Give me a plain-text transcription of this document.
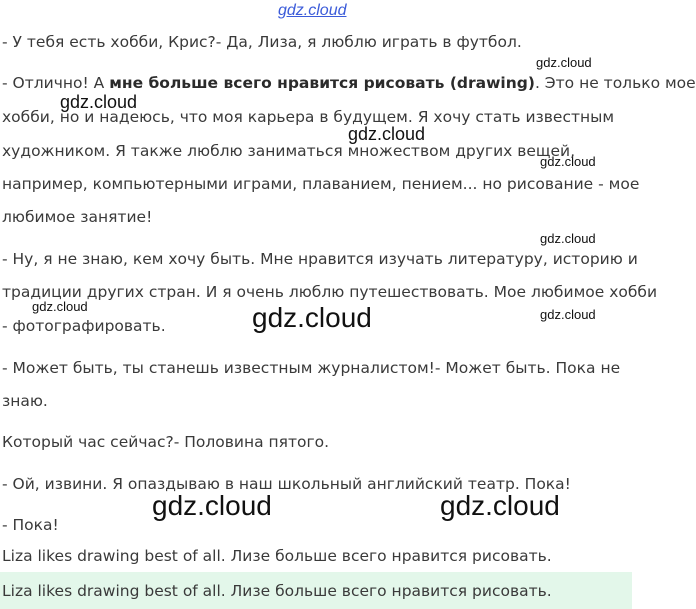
gdz.cloud
gdz.cloud
gdz.cloud
gdz.cloud
gdz.cloud
gdz.cloud
gdz.cloud
gdz.cloud
gdz.cloud
gdz.cloud	gdz.cloud
- У тебя есть хобби, Крис?- Да, Лиза, я люблю играть в футбол.
- Отлично! А мне больше всего нравится рисовать (drawing). Это не только мое
хобби, но и надеюсь, что моя карьера в будущем. Я хочу стать известным
художником. Я также люблю заниматься множеством других вещей,
например, компьютерными играми, плаванием, пением... но рисование - мое
любимое занятие!
- Ну, я не знаю, кем хочу быть. Мне нравится изучать литературу, историю и
традиции других стран. И я очень люблю путешествовать. Мое любимое хобби
- фотографировать.
- Может быть, ты станешь известным журналистом!- Может быть. Пока не
знаю.
Который час сейчас?- Половина пятого.
- Ой, извини. Я опаздываю в наш школьный английский театр. Пока!
- Пока!
Liza likes drawing best of all. Лизе больше всего нравится рисовать.
Liza likes drawing best of all. Лизе больше всего нравится рисовать.
